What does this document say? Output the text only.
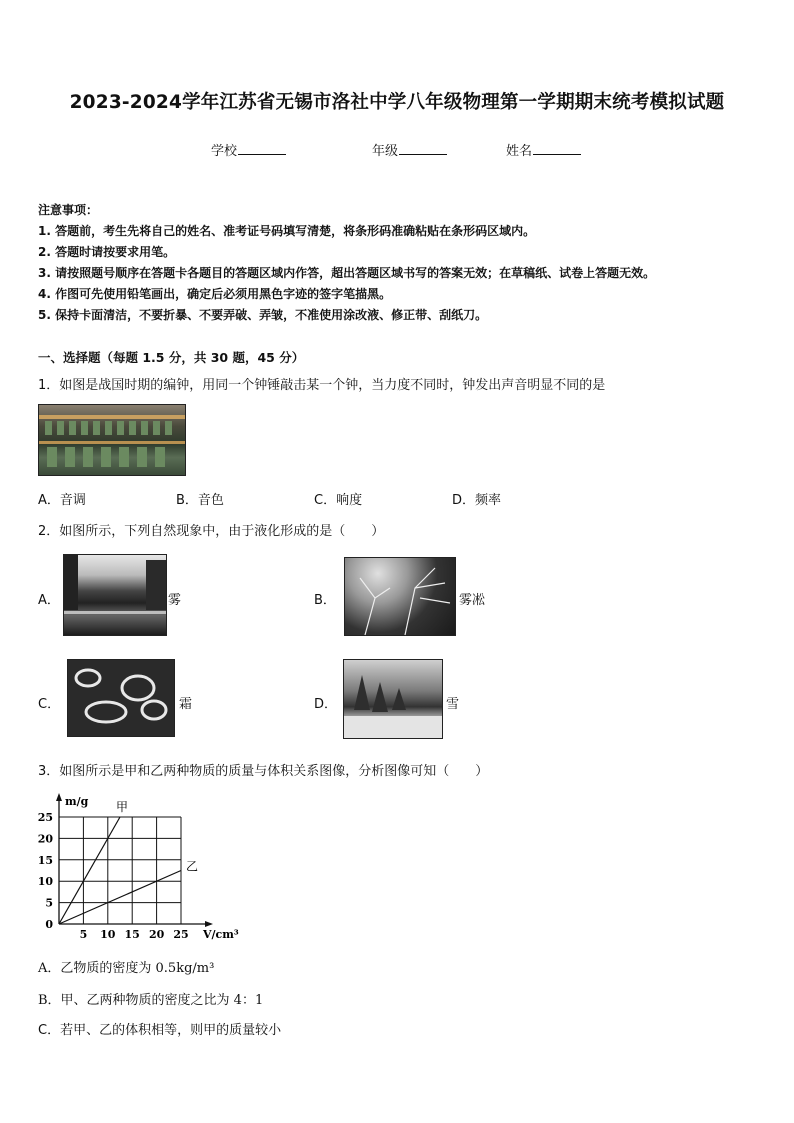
2023-2024学年江苏省无锡市洛社中学八年级物理第一学期期末统考模拟试题
学校	年级	姓名
注意事项：
1. 答题前，考生先将自己的姓名、准考证号码填写清楚，将条形码准确粘贴在条形码区域内。
2. 答题时请按要求用笔。
3. 请按照题号顺序在答题卡各题目的答题区域内作答，超出答题区域书写的答案无效；在草稿纸、试卷上答题无效。
4. 作图可先使用铅笔画出，确定后必须用黑色字迹的签字笔描黑。
5. 保持卡面清洁，不要折暴、不要弄破、弄皱，不准使用涂改液、修正带、刮纸刀。
一、选择题（每题 1.5 分，共 30 题，45 分）
1．如图是战国时期的编钟，用同一个钟锤敲击某一个钟，当力度不同时，钟发出声音明显不同的是
A．音调	B．音色	C．响度	D．频率
2．如图所示，下列自然现象中，由于液化形成的是（　　）
A．	雾	B．	雾凇
C．	霜	D．	雪
3．如图所示是甲和乙两种物质的质量与体积关系图像，分析图像可知（　　）
5 10 15 20 25
0
5
10
15
20
25
V/cm³
m/g 甲
乙
A．乙物质的密度为 0.5kg/m³
B．甲、乙两种物质的密度之比为 4：1
C．若甲、乙的体积相等，则甲的质量较小
